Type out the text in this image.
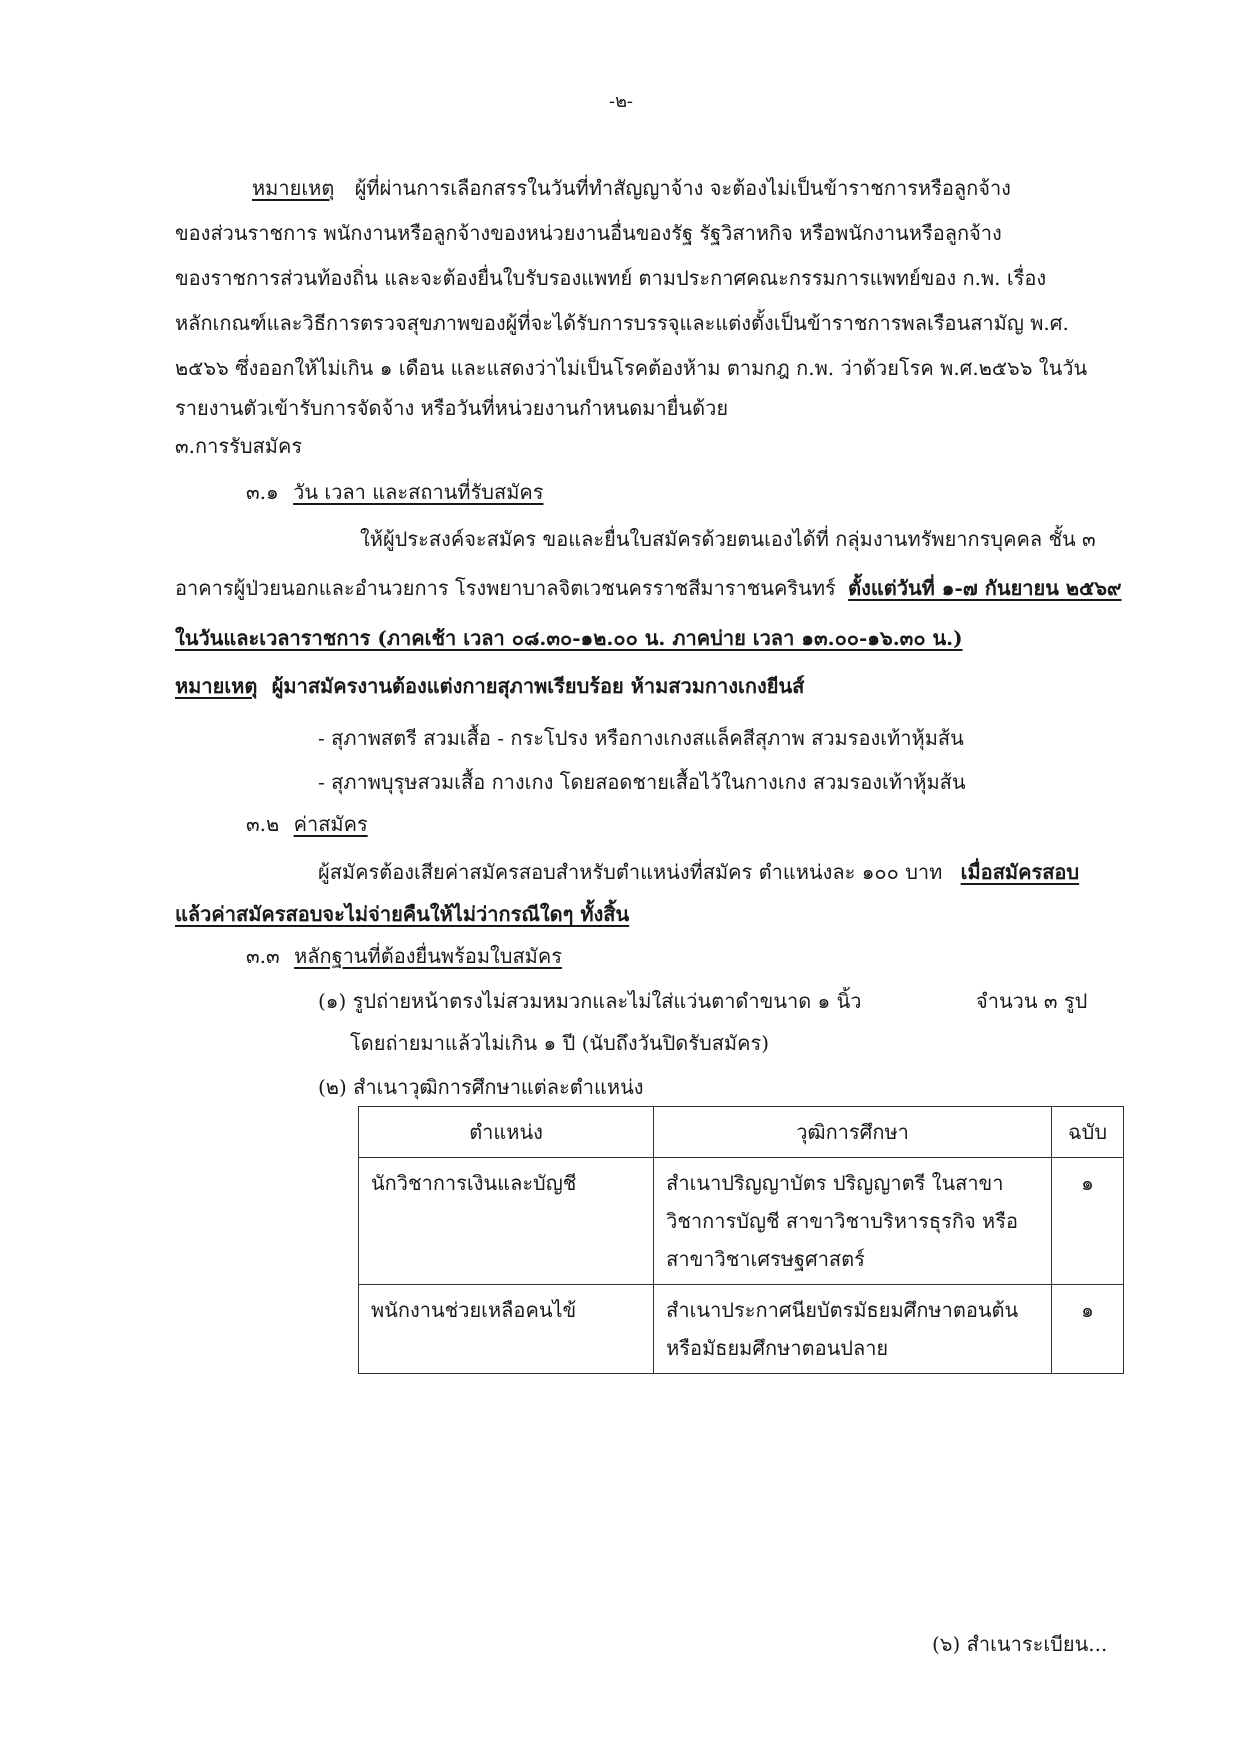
-๒-
หมายเหตุ ผู้ที่ผ่านการเลือกสรรในวันที่ทำสัญญาจ้าง จะต้องไม่เป็นข้าราชการหรือลูกจ้าง
ของส่วนราชการ พนักงานหรือลูกจ้างของหน่วยงานอื่นของรัฐ รัฐวิสาหกิจ หรือพนักงานหรือลูกจ้าง
ของราชการส่วนท้องถิ่น และจะต้องยื่นใบรับรองแพทย์ ตามประกาศคณะกรรมการแพทย์ของ ก.พ. เรื่อง
หลักเกณฑ์และวิธีการตรวจสุขภาพของผู้ที่จะได้รับการบรรจุและแต่งตั้งเป็นข้าราชการพลเรือนสามัญ พ.ศ.
๒๕๖๖ ซึ่งออกให้ไม่เกิน ๑ เดือน และแสดงว่าไม่เป็นโรคต้องห้าม ตามกฎ ก.พ. ว่าด้วยโรค พ.ศ.๒๕๖๖ ในวัน
รายงานตัวเข้ารับการจัดจ้าง หรือวันที่หน่วยงานกำหนดมายื่นด้วย
๓.การรับสมัคร
๓.๑ วัน เวลา และสถานที่รับสมัคร
ให้ผู้ประสงค์จะสมัคร ขอและยื่นใบสมัครด้วยตนเองได้ที่ กลุ่มงานทรัพยากรบุคคล ชั้น ๓
อาคารผู้ป่วยนอกและอำนวยการ โรงพยาบาลจิตเวชนครราชสีมาราชนครินทร์ ตั้งแต่วันที่ ๑-๗ กันยายน ๒๕๖๙
ในวันและเวลาราชการ (ภาคเช้า เวลา ๐๘.๓๐-๑๒.๐๐ น. ภาคบ่าย เวลา ๑๓.๐๐-๑๖.๓๐ น.)
หมายเหตุ ผู้มาสมัครงานต้องแต่งกายสุภาพเรียบร้อย ห้ามสวมกางเกงยีนส์
- สุภาพสตรี สวมเสื้อ - กระโปรง หรือกางเกงสแล็คสีสุภาพ สวมรองเท้าหุ้มส้น
- สุภาพบุรุษสวมเสื้อ กางเกง โดยสอดชายเสื้อไว้ในกางเกง สวมรองเท้าหุ้มส้น
๓.๒ ค่าสมัคร
ผู้สมัครต้องเสียค่าสมัครสอบสำหรับตำแหน่งที่สมัคร ตำแหน่งละ ๑๐๐ บาท เมื่อสมัครสอบ
แล้วค่าสมัครสอบจะไม่จ่ายคืนให้ไม่ว่ากรณีใดๆ ทั้งสิ้น
๓.๓ หลักฐานที่ต้องยื่นพร้อมใบสมัคร
(๑) รูปถ่ายหน้าตรงไม่สวมหมวกและไม่ใส่แว่นตาดำขนาด ๑ นิ้ว	จำนวน ๓ รูป
โดยถ่ายมาแล้วไม่เกิน ๑ ปี (นับถึงวันปิดรับสมัคร)
(๒) สำเนาวุฒิการศึกษาแต่ละตำแหน่ง
ตำแหน่ง	วุฒิการศึกษา	ฉบับ
นักวิชาการเงินและบัญชี	สำเนาปริญญาบัตร ปริญญาตรี ในสาขา
วิชาการบัญชี สาขาวิชาบริหารธุรกิจ หรือ
สาขาวิชาเศรษฐศาสตร์	๑
พนักงานช่วยเหลือคนไข้	สำเนาประกาศนียบัตรมัธยมศึกษาตอนต้น
หรือมัธยมศึกษาตอนปลาย	๑
(๖) สำเนาระเบียน...
